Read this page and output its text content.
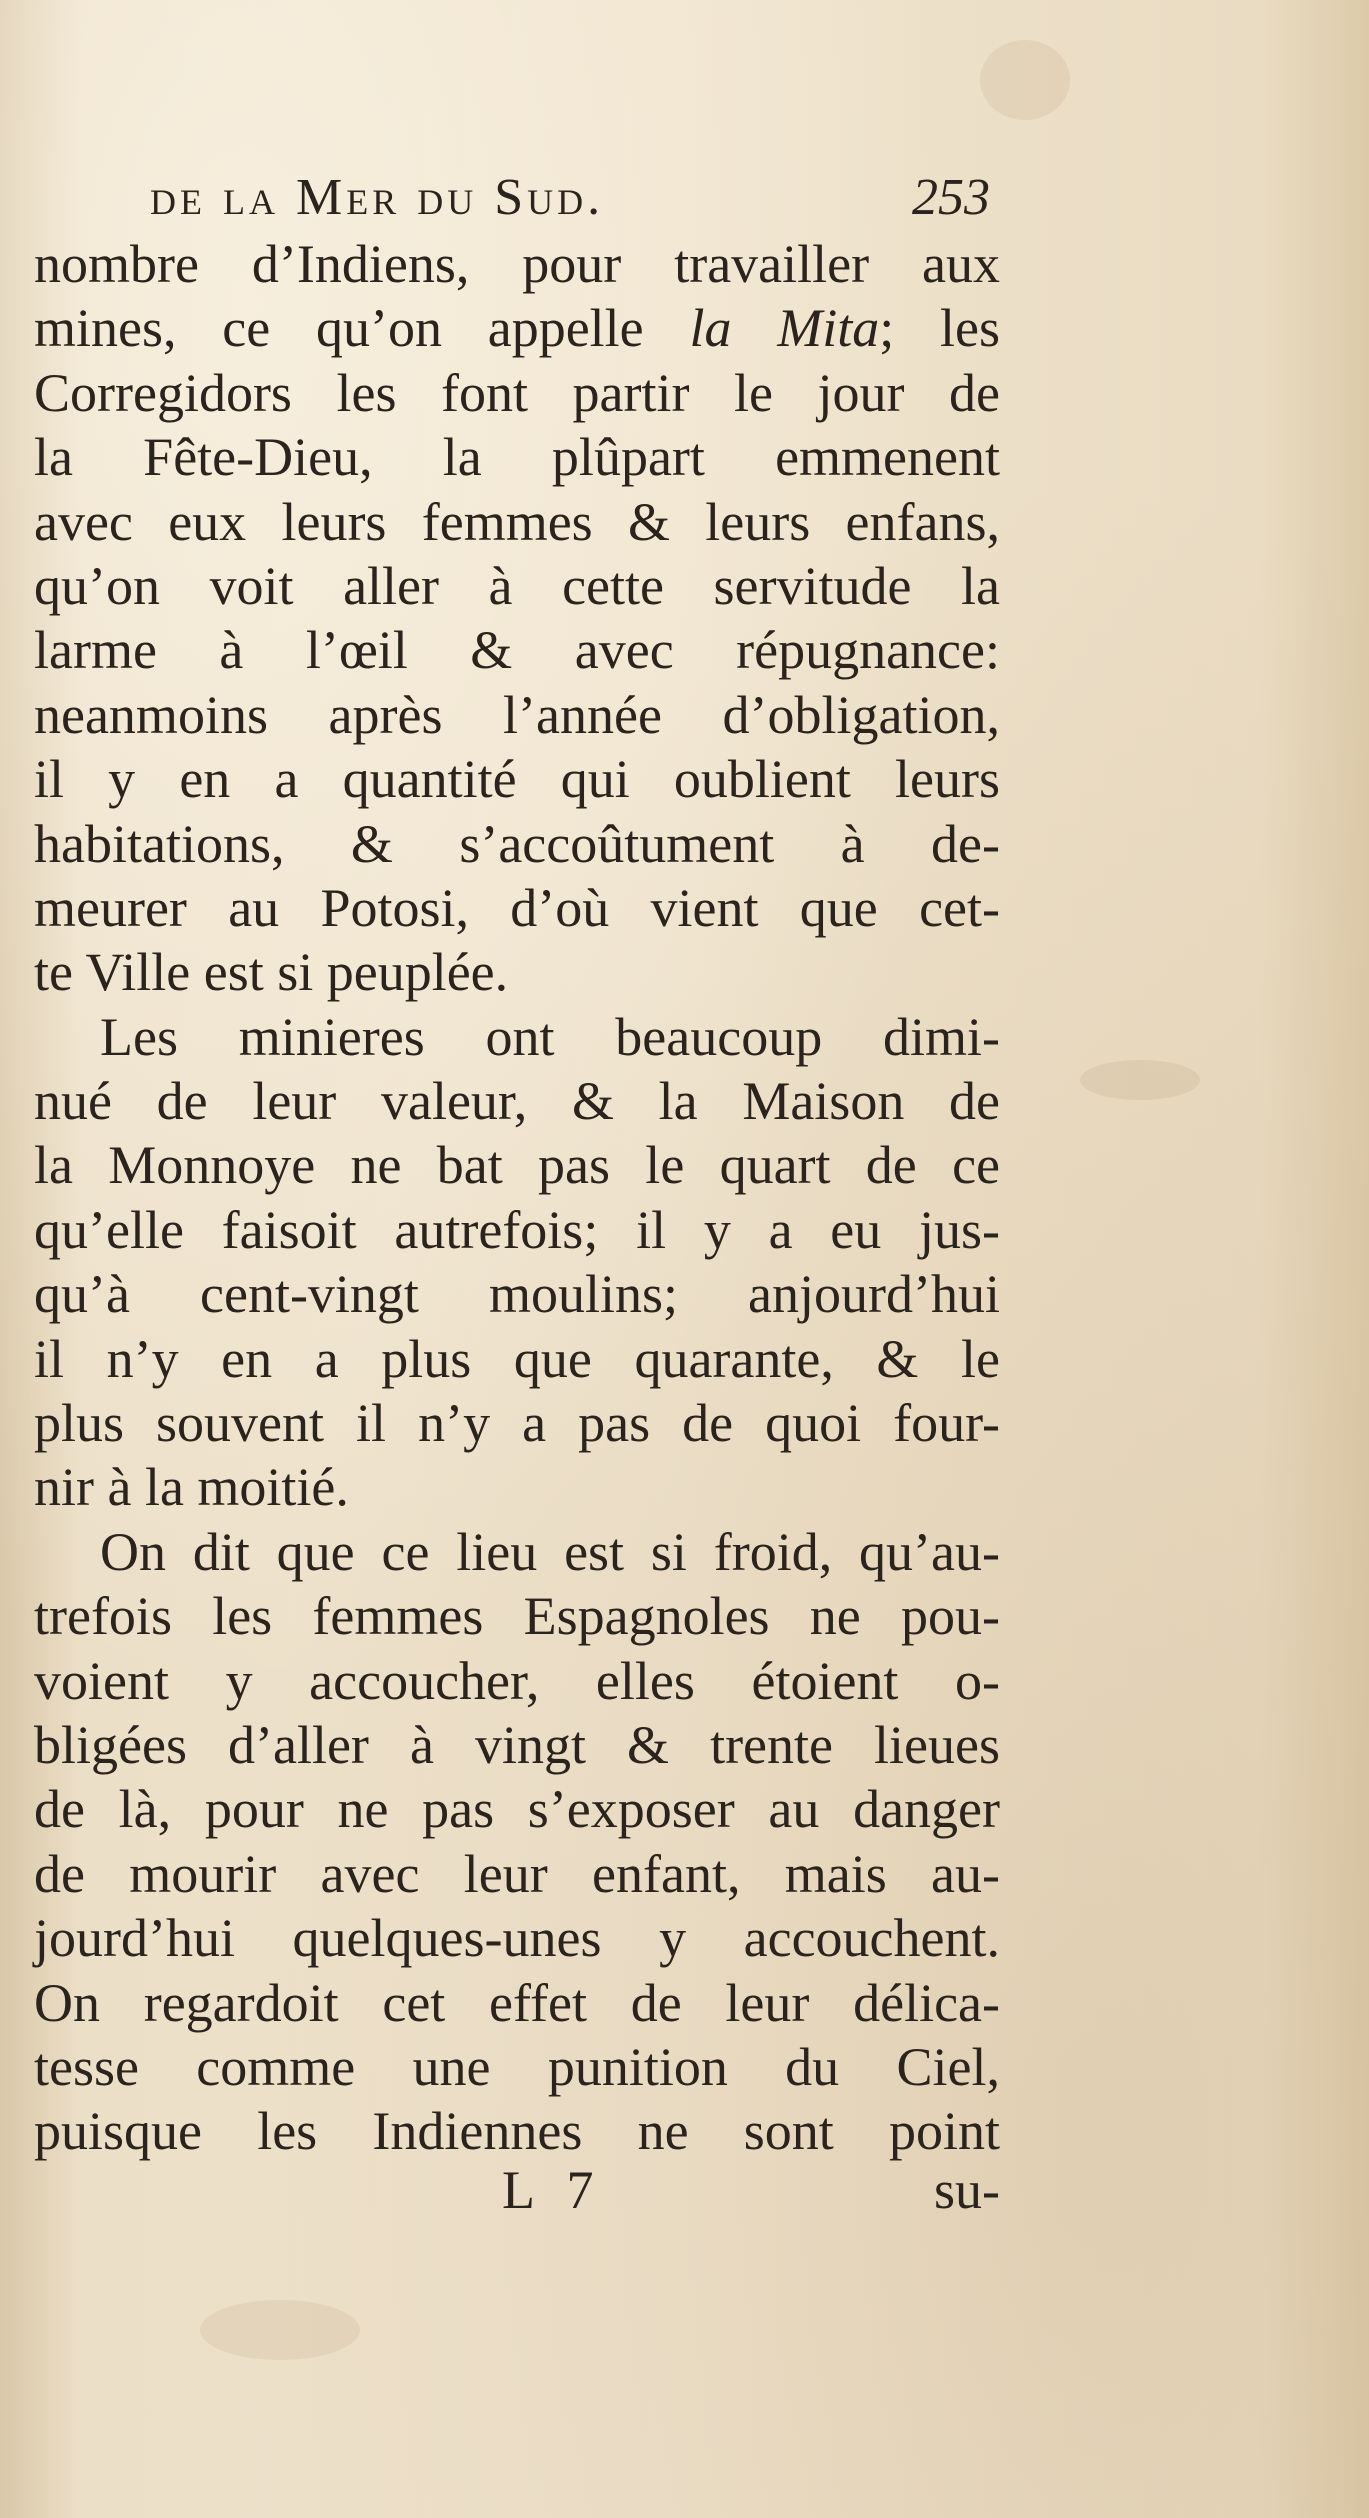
de la Mer du Sud.	253
nombre d’Indiens, pour travailler aux
mines, ce qu’on appelle la Mita; les
Corregidors les font partir le jour de
la Fête-Dieu, la plûpart emmenent
avec eux leurs femmes & leurs enfans,
qu’on voit aller à cette servitude la
larme à l’œil & avec répugnance:
neanmoins après l’année d’obligation,
il y en a quantité qui oublient leurs
habitations, & s’accoûtument à de-
meurer au Potosi, d’où vient que cet-
te Ville est si peuplée.
Les minieres ont beaucoup dimi-
nué de leur valeur, & la Maison de
la Monnoye ne bat pas le quart de ce
qu’elle faisoit autrefois; il y a eu jus-
qu’à cent-vingt moulins; anjourd’hui
il n’y en a plus que quarante, & le
plus souvent il n’y a pas de quoi four-
nir à la moitié.
On dit que ce lieu est si froid, qu’au-
trefois les femmes Espagnoles ne pou-
voient y accoucher, elles étoient o-
bligées d’aller à vingt & trente lieues
de là, pour ne pas s’exposer au danger
de mourir avec leur enfant, mais au-
jourd’hui quelques-unes y accouchent.
On regardoit cet effet de leur délica-
tesse comme une punition du Ciel,
puisque les Indiennes ne sont point
L 7	su-
